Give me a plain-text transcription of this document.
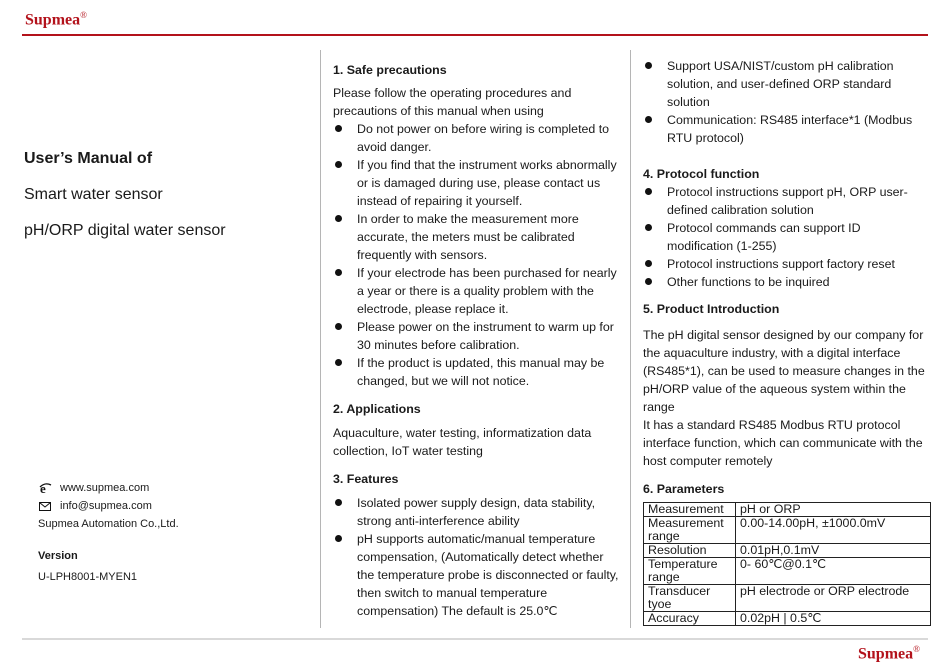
Supmea®
Supmea®
User’s Manual of
Smart water sensor
pH/ORP digital water sensor
e www.supmea.com
info@supmea.com
Supmea Automation Co.,Ltd.
Version
U-LPH8001-MYEN1
1. Safe precautions

Please follow the operating procedures and precautions of this manual when using

Do not power on before wiring is completed to avoid danger.
If you find that the instrument works abnormally or is damaged during use, please contact us instead of repairing it yourself.
In order to make the measurement more accurate, the meters must be calibrated frequently with sensors.
If your electrode has been purchased for nearly a year or there is a quality problem with the electrode, please replace it.
Please power on the instrument to warm up for 30 minutes before calibration.
If the product is updated, this manual may be changed, but we will not notice.
2. Applications

Aquaculture, water testing, informatization data collection, IoT water testing

3. Features
Isolated power supply design, data stability, strong anti-interference ability
pH supports automatic/manual temperature compensation, (Automatically detect whether the temperature probe is disconnected or faulty, then switch to manual temperature compensation) The default is 25.0℃
Support USA/NIST/custom pH calibration solution, and user-defined ORP standard solution
Communication: RS485 interface*1 (Modbus RTU protocol)
4. Protocol function
Protocol instructions support pH, ORP user-defined calibration solution
Protocol commands can support ID modification (1-255)
Protocol instructions support factory reset
Other functions to be inquired
5. Product Introduction

The pH digital sensor designed by our company for the aquaculture industry, with a digital interface (RS485*1), can be used to measure changes in the pH/ORP value of the aqueous system within the range

It has a standard RS485 Modbus RTU protocol interface function, which can communicate with the host computer remotely

6. Parameters
Measurement	pH or ORP
Measurement range	0.00-14.00pH, ±1000.0mV
Resolution	0.01pH,0.1mV
Temperature range	0- 60℃@0.1℃
Transducer tyoe	pH electrode or ORP electrode
Accuracy	0.02pH | 0.5℃
